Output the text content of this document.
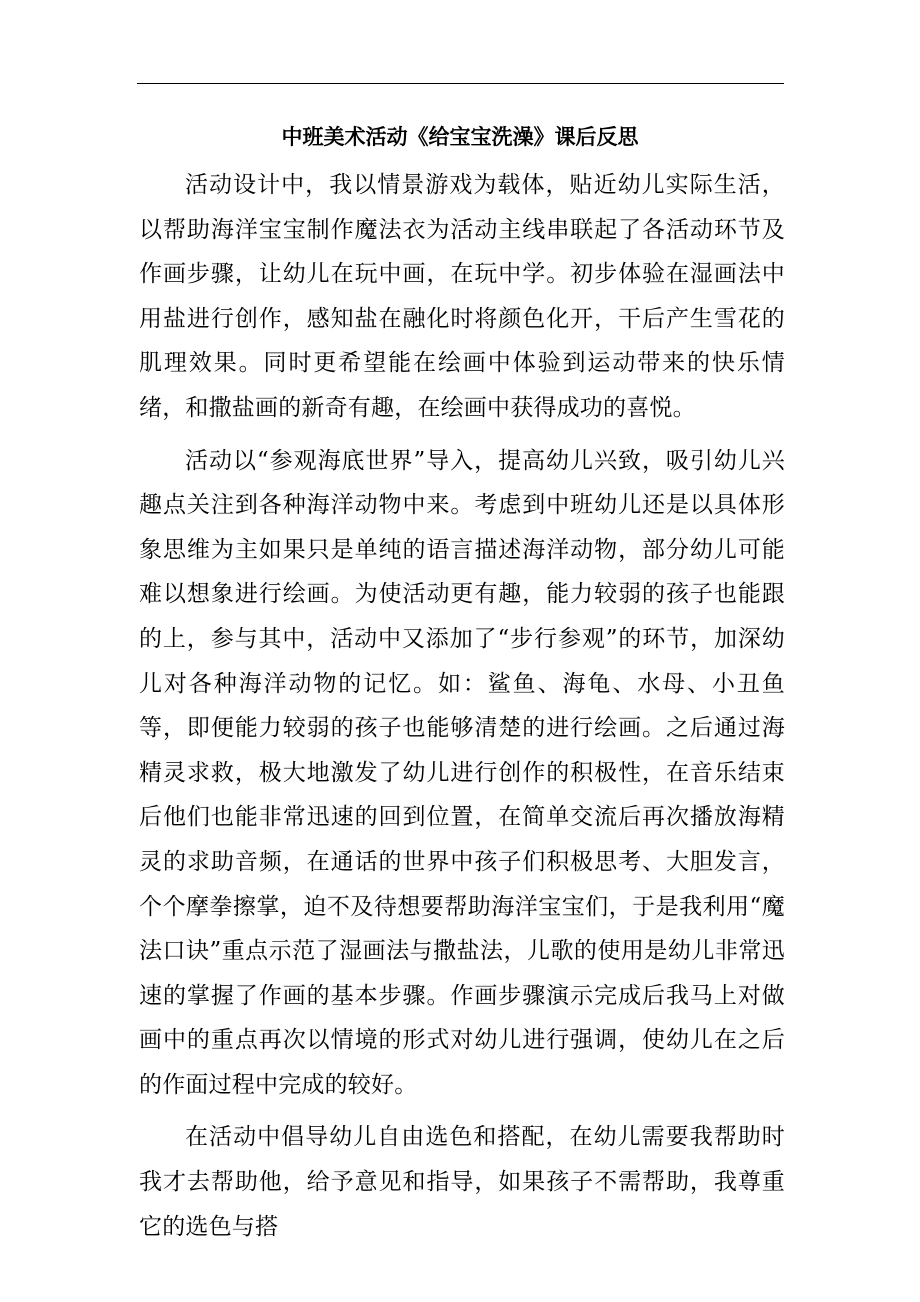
中班美术活动《给宝宝洗澡》课后反思

活动设计中，我以情景游戏为载体，贴近幼儿实际生活，以帮助海洋宝宝制作魔法衣为活动主线串联起了各活动环节及作画步骤，让幼儿在玩中画，在玩中学。初步体验在湿画法中用盐进行创作，感知盐在融化时将颜色化开，干后产生雪花的肌理效果。同时更希望能在绘画中体验到运动带来的快乐情绪，和撒盐画的新奇有趣，在绘画中获得成功的喜悦。

活动以“参观海底世界”导入，提高幼儿兴致，吸引幼儿兴趣点关注到各种海洋动物中来。考虑到中班幼儿还是以具体形象思维为主如果只是单纯的语言描述海洋动物，部分幼儿可能难以想象进行绘画。为使活动更有趣，能力较弱的孩子也能跟的上，参与其中，活动中又添加了“步行参观”的环节，加深幼儿对各种海洋动物的记忆。如：鲨鱼、海龟、水母、小丑鱼等，即便能力较弱的孩子也能够清楚的进行绘画。之后通过海精灵求救，极大地激发了幼儿进行创作的积极性，在音乐结束后他们也能非常迅速的回到位置，在简单交流后再次播放海精灵的求助音频，在通话的世界中孩子们积极思考、大胆发言，个个摩拳擦掌，迫不及待想要帮助海洋宝宝们，于是我利用“魔法口诀”重点示范了湿画法与撒盐法，儿歌的使用是幼儿非常迅速的掌握了作画的基本步骤。作画步骤演示完成后我马上对做画中的重点再次以情境的形式对幼儿进行强调，使幼儿在之后的作面过程中完成的较好。

在活动中倡导幼儿自由选色和搭配，在幼儿需要我帮助时我才去帮助他，给予意见和指导，如果孩子不需帮助，我尊重它的选色与搭
